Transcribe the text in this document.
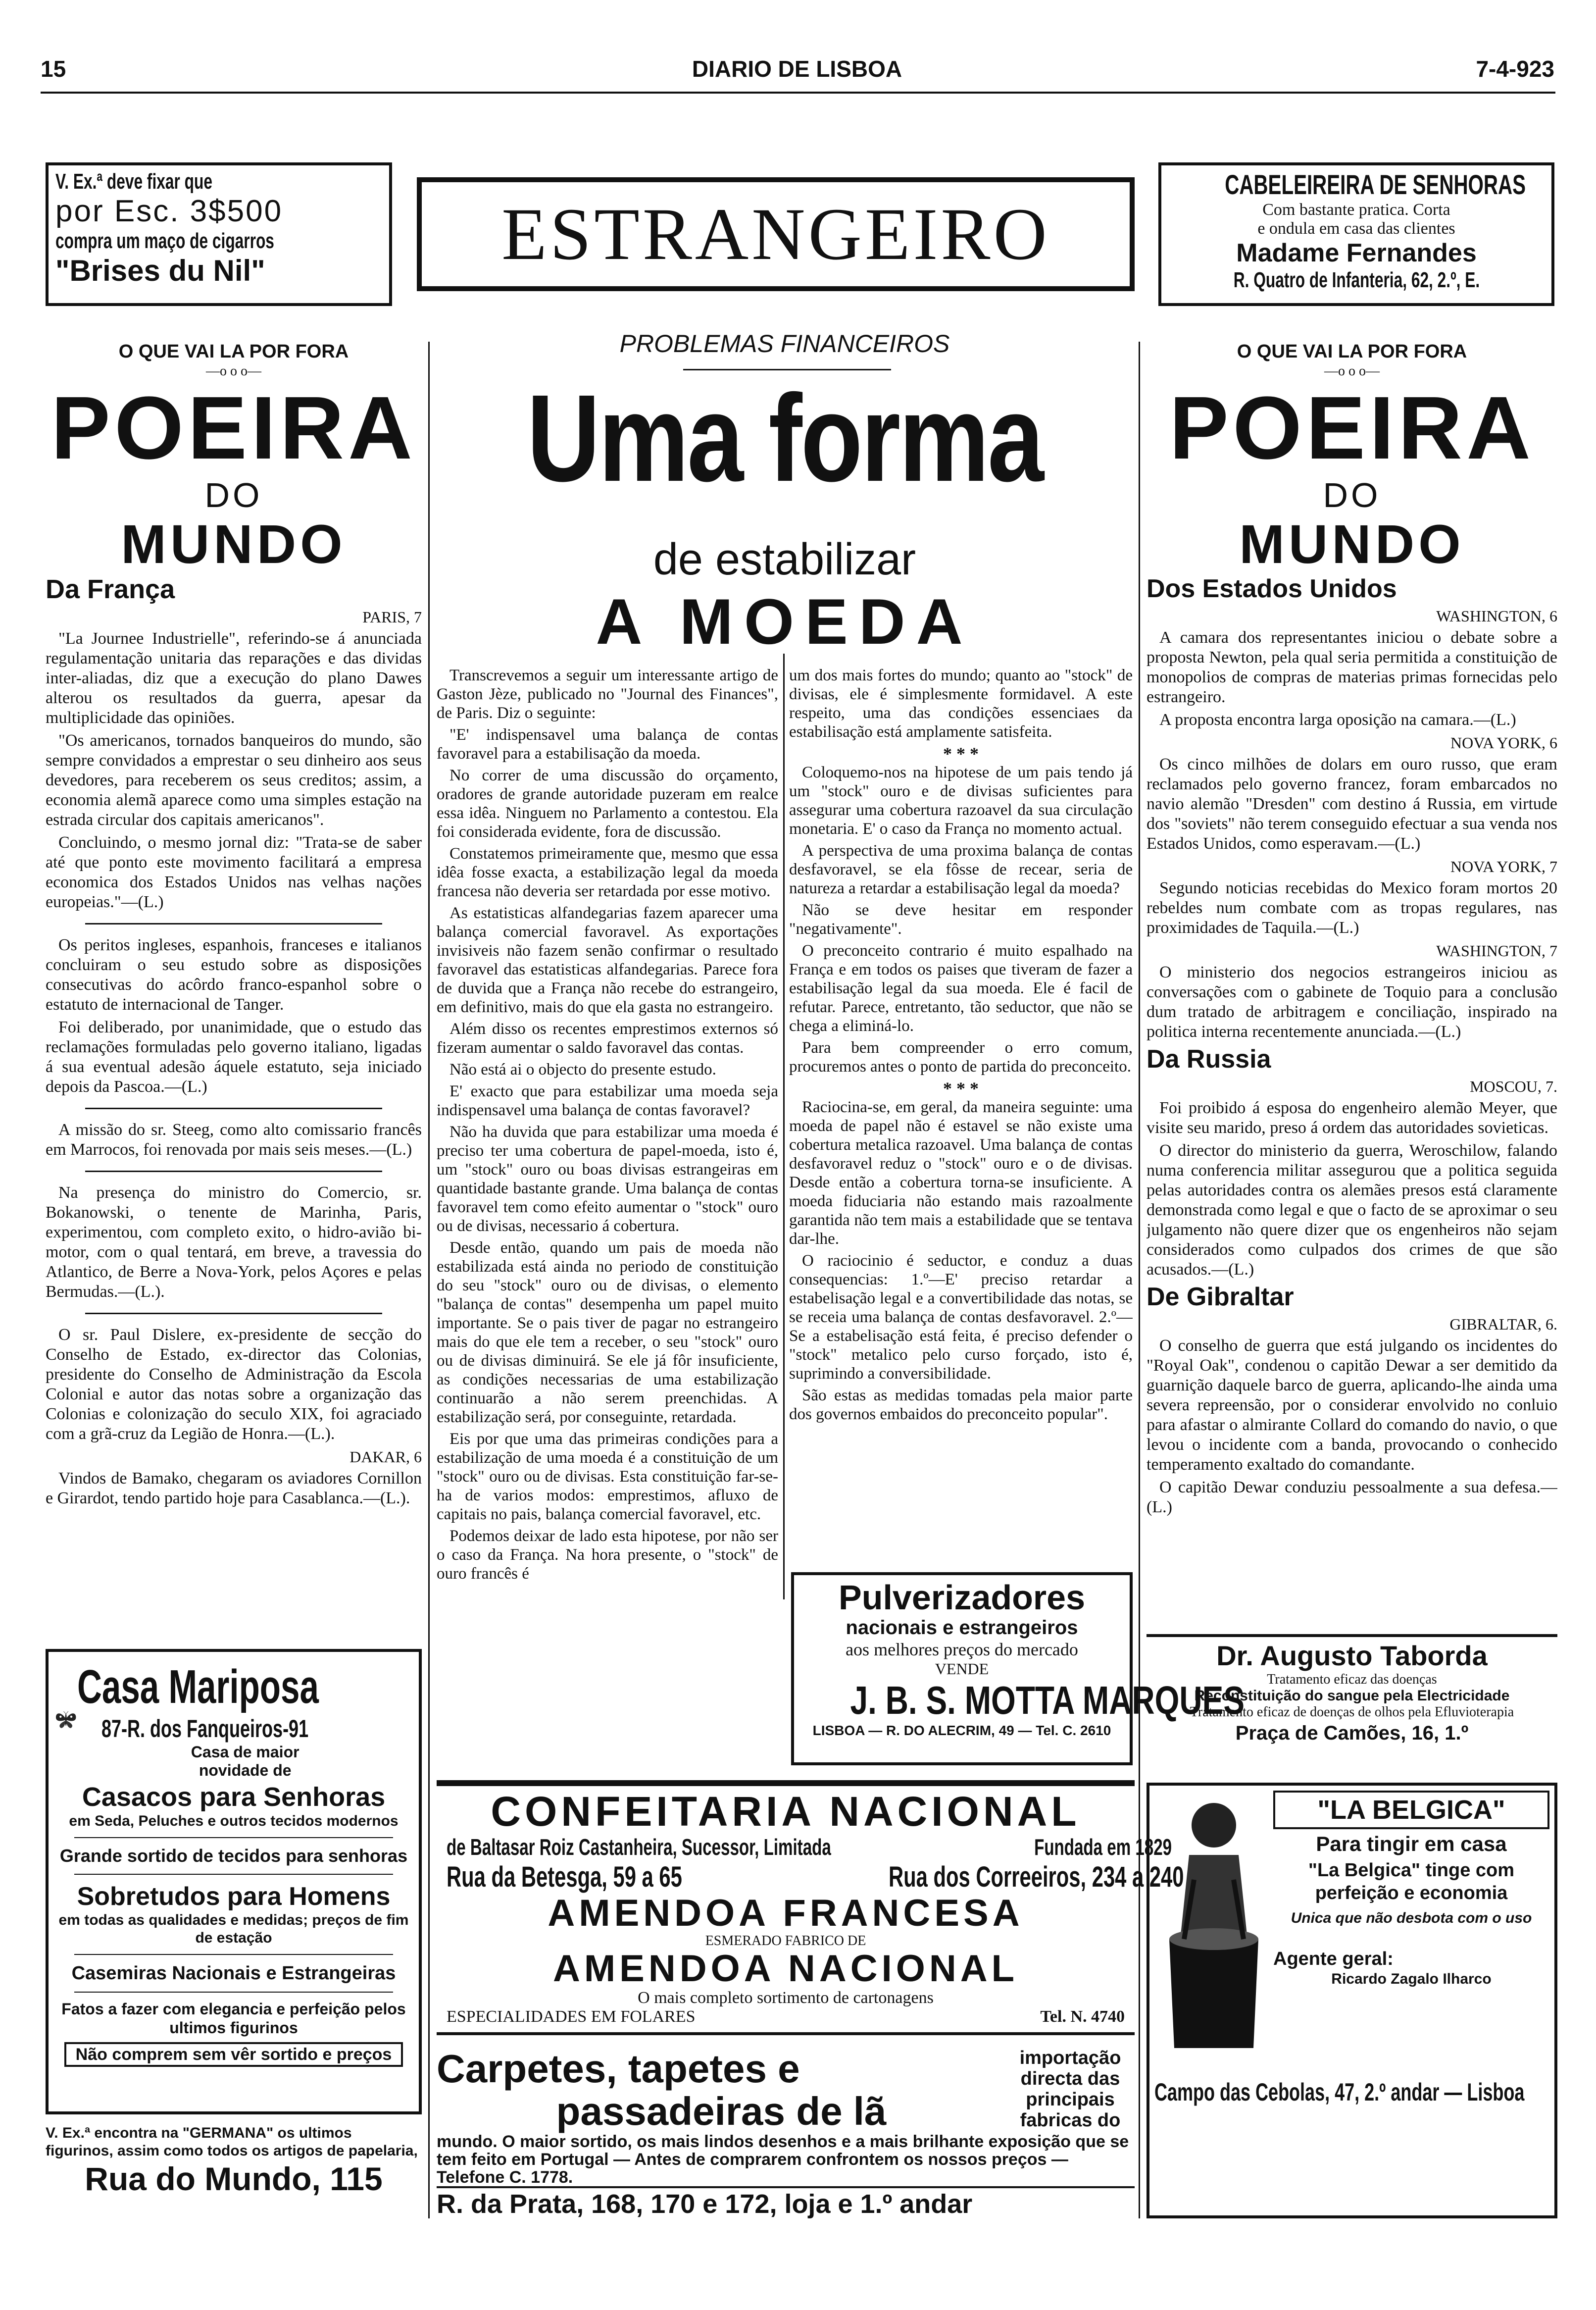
15	DIARIO DE LISBOA	7-4-923
V. Ex.ª deve fixar que
por Esc. 3$500
compra um maço de cigarros
"Brises du Nil"	ESTRANGEIRO
CABELEIREIRA DE SENHORAS
Com bastante pratica. Corta
e ondula em casa das clientes
Madame Fernandes
R. Quatro de Infanteria, 62, 2.º, E.
O QUE VAI LA POR FORA
—o o o—
POEIRA
DO
MUNDO
Da França
PARIS, 7

"La Journee Industrielle", referindo-se á anunciada regulamentação unitaria das reparações e das dividas inter-aliadas, diz que a execução do plano Dawes alterou os resultados da guerra, apesar da multiplicidade das opiniões.

"Os americanos, tornados banqueiros do mundo, são sempre convidados a emprestar o seu dinheiro aos seus devedores, para receberem os seus creditos; assim, a economia alemã aparece como uma simples estação na estrada circular dos capitais americanos".

Concluindo, o mesmo jornal diz: "Trata-se de saber até que ponto este movimento facilitará a empresa economica dos Estados Unidos nas velhas nações europeias."—(L.)

Os peritos ingleses, espanhois, franceses e italianos concluiram o seu estudo sobre as disposições consecutivas do acôrdo franco-espanhol sobre o estatuto de internacional de Tanger.

Foi deliberado, por unanimidade, que o estudo das reclamações formuladas pelo governo italiano, ligadas á sua eventual adesão áquele estatuto, seja iniciado depois da Pascoa.—(L.)

A missão do sr. Steeg, como alto comissario francês em Marrocos, foi renovada por mais seis meses.—(L.)

Na presença do ministro do Comercio, sr. Bokanowski, o tenente de Marinha, Paris, experimentou, com completo exito, o hidro-avião bi-motor, com o qual tentará, em breve, a travessia do Atlantico, de Berre a Nova-York, pelos Açores e pelas Bermudas.—(L.).

O sr. Paul Dislere, ex-presidente de secção do Conselho de Estado, ex-director das Colonias, presidente do Conselho de Administração da Escola Colonial e autor das notas sobre a organização das Colonias e colonização do seculo XIX, foi agraciado com a grã-cruz da Legião de Honra.—(L.).

DAKAR, 6

Vindos de Bamako, chegaram os aviadores Cornillon e Girardot, tendo partido hoje para Casablanca.—(L.).

Casa Mariposa 87-R. dos Fanqueiros-91
Casa de maior
novidade de
Casacos para Senhoras
em Seda, Peluches e outros tecidos modernos
Grande sortido de tecidos para senhoras
Sobretudos para Homens
em todas as qualidades e medidas; preços de fim de estação
Casemiras Nacionais e Estrangeiras
Fatos a fazer com elegancia e perfeição pelos ultimos figurinos
Não comprem sem vêr sortido e preços
V. Ex.ª encontra na "GERMANA" os ultimos figurinos, assim como todos os artigos de papelaria,
Rua do Mundo, 115
PROBLEMAS FINANCEIROS
Uma forma
de estabilizar
A MOEDA

Transcrevemos a seguir um interessante artigo de Gaston Jèze, publicado no "Journal des Finances", de Paris. Diz o seguinte:

"E' indispensavel uma balança de contas favoravel para a estabilisação da moeda.

No correr de uma discussão do orçamento, oradores de grande autoridade puzeram em realce essa idêa. Ninguem no Parlamento a contestou. Ela foi considerada evidente, fora de discussão.

Constatemos primeiramente que, mesmo que essa idêa fosse exacta, a estabilização legal da moeda francesa não deveria ser retardada por esse motivo.

As estatisticas alfandegarias fazem aparecer uma balança comercial favoravel. As exportações invisiveis não fazem senão confirmar o resultado favoravel das estatisticas alfandegarias. Parece fora de duvida que a França não recebe do estrangeiro, em definitivo, mais do que ela gasta no estrangeiro.

Além disso os recentes emprestimos externos só fizeram aumentar o saldo favoravel das contas.

Não está ai o objecto do presente estudo.

E' exacto que para estabilizar uma moeda seja indispensavel uma balança de contas favoravel?

Não ha duvida que para estabilizar uma moeda é preciso ter uma cobertura de papel-moeda, isto é, um "stock" ouro ou boas divisas estrangeiras em quantidade bastante grande. Uma balança de contas favoravel tem como efeito aumentar o "stock" ouro ou de divisas, necessario á cobertura.

Desde então, quando um pais de moeda não estabilizada está ainda no periodo de constituição do seu "stock" ouro ou de divisas, o elemento "balança de contas" desempenha um papel muito importante. Se o pais tiver de pagar no estrangeiro mais do que ele tem a receber, o seu "stock" ouro ou de divisas diminuirá. Se ele já fôr insuficiente, as condições necessarias de uma estabilização continuarão a não serem preenchidas. A estabilização será, por conseguinte, retardada.

Eis por que uma das primeiras condições para a estabilização de uma moeda é a constituição de um "stock" ouro ou de divisas. Esta constituição far-se-ha de varios modos: emprestimos, afluxo de capitais no pais, balança comercial favoravel, etc.

Podemos deixar de lado esta hipotese, por não ser o caso da França. Na hora presente, o "stock" de ouro francês é

um dos mais fortes do mundo; quanto ao "stock" de divisas, ele é simplesmente formidavel. A este respeito, uma das condições essenciaes da estabilisação está amplamente satisfeita.

* * *

Coloquemo-nos na hipotese de um pais tendo já um "stock" ouro e de divisas suficientes para assegurar uma cobertura razoavel da sua circulação monetaria. E' o caso da França no momento actual.

A perspectiva de uma proxima balança de contas desfavoravel, se ela fôsse de recear, seria de natureza a retardar a estabilisação legal da moeda?

Não se deve hesitar em responder "negativamente".

O preconceito contrario é muito espalhado na França e em todos os paises que tiveram de fazer a estabilisação legal da sua moeda. Ele é facil de refutar. Parece, entretanto, tão seductor, que não se chega a eliminá-lo.

Para bem compreender o erro comum, procuremos antes o ponto de partida do preconceito.

* * *

Raciocina-se, em geral, da maneira seguinte: uma moeda de papel não é estavel se não existe uma cobertura metalica razoavel. Uma balança de contas desfavoravel reduz o "stock" ouro e o de divisas. Desde então a cobertura torna-se insuficiente. A moeda fiduciaria não estando mais razoalmente garantida não tem mais a estabilidade que se tentava dar-lhe.

O raciocinio é seductor, e conduz a duas consequencias: 1.º—E' preciso retardar a estabelisação legal e a convertibilidade das notas, se se receia uma balança de contas desfavoravel. 2.º—Se a estabelisação está feita, é preciso defender o "stock" metalico pelo curso forçado, isto é, suprimindo a conversibilidade.

São estas as medidas tomadas pela maior parte dos governos embaidos do preconceito popular".

Pulverizadores
nacionais e estrangeiros
aos melhores preços do mercado
VENDE
J. B. S. MOTTA MARQUES
LISBOA — R. DO ALECRIM, 49 — Tel. C. 2610
CONFEITARIA NACIONAL
de Baltasar Roiz Castanheira, Sucessor, Limitada	Fundada em 1829
Rua da Betesga, 59 a 65	Rua dos Correeiros, 234 a 240
AMENDOA FRANCESA
ESMERADO FABRICO DE
AMENDOA NACIONAL
O mais completo sortimento de cartonagens
ESPECIALIDADES EM FOLARES	Tel. N. 4740
Carpetes, tapetes e
passadeiras de lã
importação directa das principais fabricas do
mundo. O maior sortido, os mais lindos desenhos e a mais brilhante exposição que se tem feito em Portugal — Antes de comprarem confrontem os nossos preços — Telefone C. 1778.
R. da Prata, 168, 170 e 172, loja e 1.º andar
O QUE VAI LA POR FORA
—o o o—
POEIRA
DO
MUNDO
Dos Estados Unidos
WASHINGTON, 6

A camara dos representantes iniciou o debate sobre a proposta Newton, pela qual seria permitida a constituição de monopolios de compras de materias primas fornecidas pelo estrangeiro.

A proposta encontra larga oposição na camara.—(L.)

NOVA YORK, 6

Os cinco milhões de dolars em ouro russo, que eram reclamados pelo governo francez, foram embarcados no navio alemão "Dresden" com destino á Russia, em virtude dos "soviets" não terem conseguido efectuar a sua venda nos Estados Unidos, como esperavam.—(L.)

NOVA YORK, 7

Segundo noticias recebidas do Mexico foram mortos 20 rebeldes num combate com as tropas regulares, nas proximidades de Taquila.—(L.)

WASHINGTON, 7

O ministerio dos negocios estrangeiros iniciou as conversações com o gabinete de Toquio para a conclusão dum tratado de arbitragem e conciliação, inspirado na politica interna recentemente anunciada.—(L.)

Da Russia
MOSCOU, 7.

Foi proibido á esposa do engenheiro alemão Meyer, que visite seu marido, preso á ordem das autoridades sovieticas.

O director do ministerio da guerra, Weroschilow, falando numa conferencia militar assegurou que a politica seguida pelas autoridades contra os alemães presos está claramente demonstrada como legal e que o facto de se aproximar o seu julgamento não quere dizer que os engenheiros não sejam considerados como culpados dos crimes de que são acusados.—(L.)

De Gibraltar
GIBRALTAR, 6.

O conselho de guerra que está julgando os incidentes do "Royal Oak", condenou o capitão Dewar a ser demitido da guarnição daquele barco de guerra, aplicando-lhe ainda uma severa repreensão, por o considerar envolvido no conluio para afastar o almirante Collard do comando do navio, o que levou o incidente com a banda, provocando o conhecido temperamento exaltado do comandante.

O capitão Dewar conduziu pessoalmente a sua defesa.—(L.)

Dr. Augusto Taborda
Tratamento eficaz das doenças
Reconstituição do sangue pela Electricidade
Tratamento eficaz de doenças de olhos pela Efluvioterapia
Praça de Camões, 16, 1.º
"LA BELGICA"
Para tingir em casa
"La Belgica" tinge com perfeição e economia
Unica que não desbota com o uso
Agente geral:
Ricardo Zagalo Ilharco
Campo das Cebolas, 47, 2.º andar — Lisboa
